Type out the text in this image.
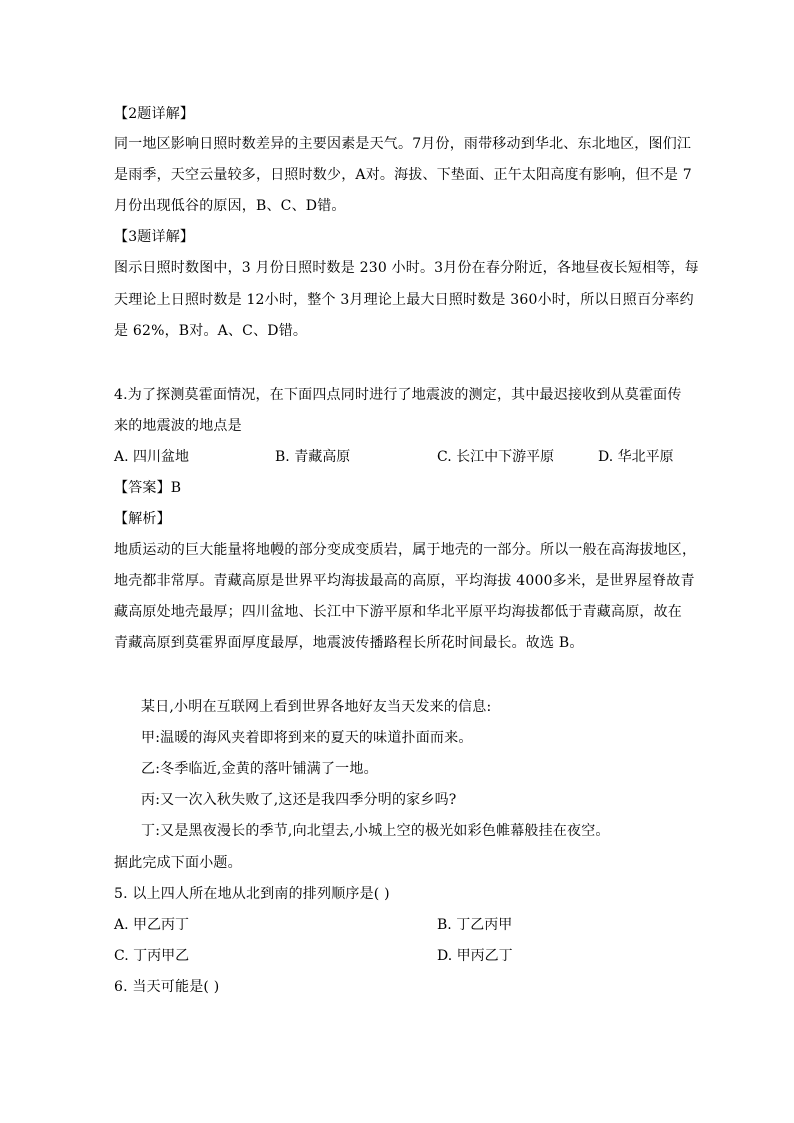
【2题详解】
同一地区影响日照时数差异的主要因素是天气。7月份，雨带移动到华北、东北地区，图们江
是雨季，天空云量较多，日照时数少，A对。海拔、下垫面、正午太阳高度有影响，但不是 7
月份出现低谷的原因，B、C、D错。
【3题详解】
图示日照时数图中，3 月份日照时数是 230 小时。3月份在春分附近，各地昼夜长短相等，每
天理论上日照时数是 12小时，整个 3月理论上最大日照时数是 360小时，所以日照百分率约
是 62%，B对。A、C、D错。
4.为了探测莫霍面情况，在下面四点同时进行了地震波的测定，其中最迟接收到从莫霍面传
来的地震波的地点是
A. 四川盆地	B. 青藏高原	C. 长江中下游平原	D. 华北平原
【答案】B
【解析】
地质运动的巨大能量将地幔的部分变成变质岩，属于地壳的一部分。所以一般在高海拔地区，
地壳都非常厚。青藏高原是世界平均海拔最高的高原，平均海拔 4000多米，是世界屋脊故青
藏高原处地壳最厚；四川盆地、长江中下游平原和华北平原平均海拔都低于青藏高原，故在
青藏高原到莫霍界面厚度最厚，地震波传播路程长所花时间最长。故选 B。
某日,小明在互联网上看到世界各地好友当天发来的信息:
甲:温暖的海风夹着即将到来的夏天的味道扑面而来。
乙:冬季临近,金黄的落叶铺满了一地。
丙:又一次入秋失败了,这还是我四季分明的家乡吗?
丁:又是黑夜漫长的季节,向北望去,小城上空的极光如彩色帷幕般挂在夜空。
据此完成下面小题。
5. 以上四人所在地从北到南的排列顺序是( )
A. 甲乙丙丁	B. 丁乙丙甲
C. 丁丙甲乙	D. 甲丙乙丁
6. 当天可能是( )
